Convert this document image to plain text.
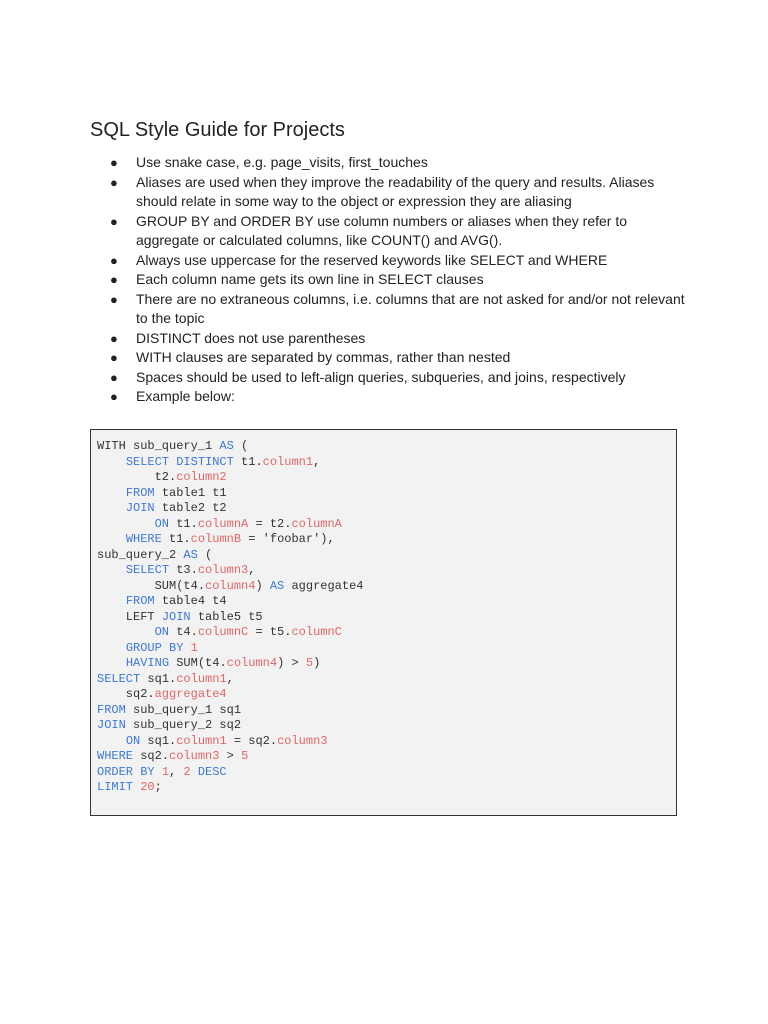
SQL Style Guide for Projects
● Use snake case, e.g. page_visits, first_touches
● Aliases are used when they improve the readability of the query and results. Aliases should relate in some way to the object or expression they are aliasing
● GROUP BY and ORDER BY use column numbers or aliases when they refer to aggregate or calculated columns, like COUNT() and AVG().
● Always use uppercase for the reserved keywords like SELECT and WHERE
● Each column name gets its own line in SELECT clauses
● There are no extraneous columns, i.e. columns that are not asked for and/or not relevant to the topic
● DISTINCT does not use parentheses
● WITH clauses are separated by commas, rather than nested
● Spaces should be used to left-align queries, subqueries, and joins, respectively
● Example below:
WITH sub_query_1 AS (
SELECT DISTINCT t1.column1,
t2.column2
FROM table1 t1
JOIN table2 t2
ON t1.columnA = t2.columnA
WHERE t1.columnB = 'foobar'),
sub_query_2 AS (
SELECT t3.column3,
SUM(t4.column4) AS aggregate4
FROM table4 t4
LEFT JOIN table5 t5
ON t4.columnC = t5.columnC
GROUP BY 1
HAVING SUM(t4.column4) > 5)
SELECT sq1.column1,
sq2.aggregate4
FROM sub_query_1 sq1
JOIN sub_query_2 sq2
ON sq1.column1 = sq2.column3
WHERE sq2.column3 > 5
ORDER BY 1, 2 DESC
LIMIT 20;
